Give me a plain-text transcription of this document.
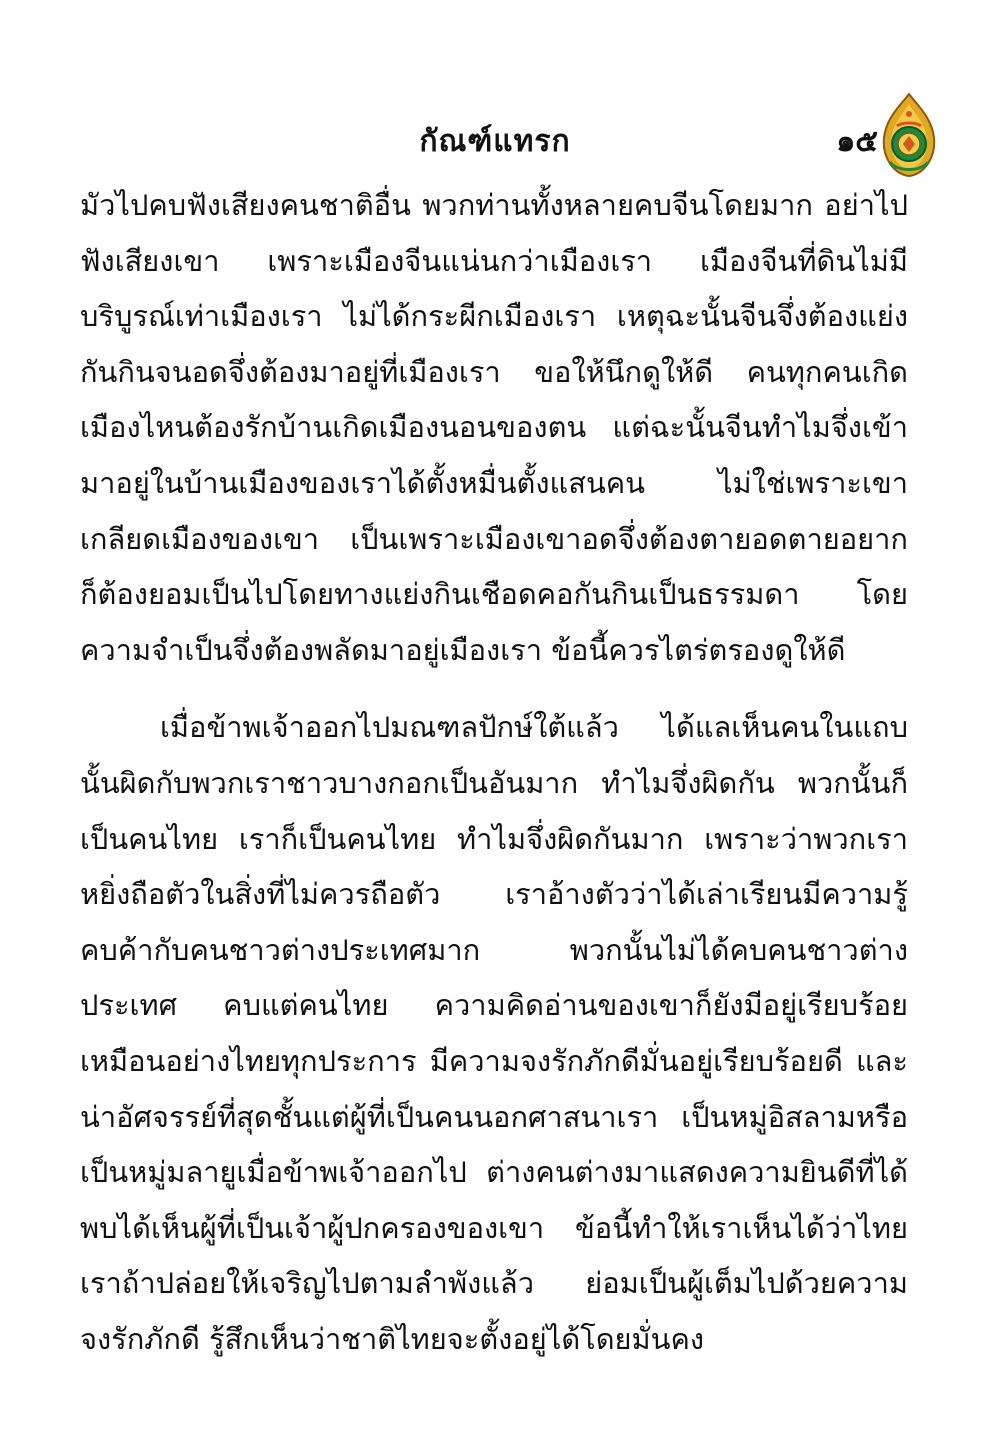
กัณฑ์แทรก	๑๕

มัวไปคบฟังเสียงคนชาติอื่น พวกท่านทั้งหลายคบจีนโดยมาก อย่าไปฟังเสียงเขา เพราะเมืองจีนแน่นกว่าเมืองเรา เมืองจีนที่ดินไม่มีบริบูรณ์เท่าเมืองเรา ไม่ได้กระผีกเมืองเรา เหตุฉะนั้นจีนจึ่งต้องแย่งกันกินจนอดจึ่งต้องมาอยู่ที่เมืองเรา ขอให้นึกดูให้ดี คนทุกคนเกิดเมืองไหนต้องรักบ้านเกิดเมืองนอนของตน แต่ฉะนั้นจีนทำไมจึ่งเข้ามาอยู่ในบ้านเมืองของเราได้ตั้งหมื่นตั้งแสนคน ไม่ใช่เพราะเขาเกลียดเมืองของเขา เป็นเพราะเมืองเขาอดจึ่งต้องตายอดตายอยาก ก็ต้องยอมเป็นไปโดยทางแย่งกินเชือดคอกันกินเป็นธรรมดา โดยความจำเป็นจึ่งต้องพลัดมาอยู่เมืองเรา ข้อนี้ควรไตร่ตรองดูให้ดี

เมื่อข้าพเจ้าออกไปมณฑลปักษ์ใต้แล้ว ได้แลเห็นคนในแถบนั้นผิดกับพวกเราชาวบางกอกเป็นอันมาก ทำไมจึ่งผิดกัน พวกนั้นก็เป็นคนไทย เราก็เป็นคนไทย ทำไมจึ่งผิดกันมาก เพราะว่าพวกเราหยิ่งถือตัวในสิ่งที่ไม่ควรถือตัว เราอ้างตัวว่าได้เล่าเรียนมีความรู้คบค้ากับคนชาวต่างประเทศมาก พวกนั้นไม่ได้คบคนชาวต่างประเทศ คบแต่คนไทย ความคิดอ่านของเขาก็ยังมีอยู่เรียบร้อยเหมือนอย่างไทยทุกประการ มีความจงรักภักดีมั่นอยู่เรียบร้อยดี และน่าอัศจรรย์ที่สุดชั้นแต่ผู้ที่เป็นคนนอกศาสนาเรา เป็นหมู่อิสลามหรือเป็นหมู่มลายูเมื่อข้าพเจ้าออกไป ต่างคนต่างมาแสดงความยินดีที่ได้พบได้เห็นผู้ที่เป็นเจ้าผู้ปกครองของเขา ข้อนี้ทำให้เราเห็นได้ว่าไทยเราถ้าปล่อยให้เจริญไปตามลำพังแล้ว ย่อมเป็นผู้เต็มไปด้วยความจงรักภักดี รู้สึกเห็นว่าชาติไทยจะตั้งอยู่ได้โดยมั่นคง
